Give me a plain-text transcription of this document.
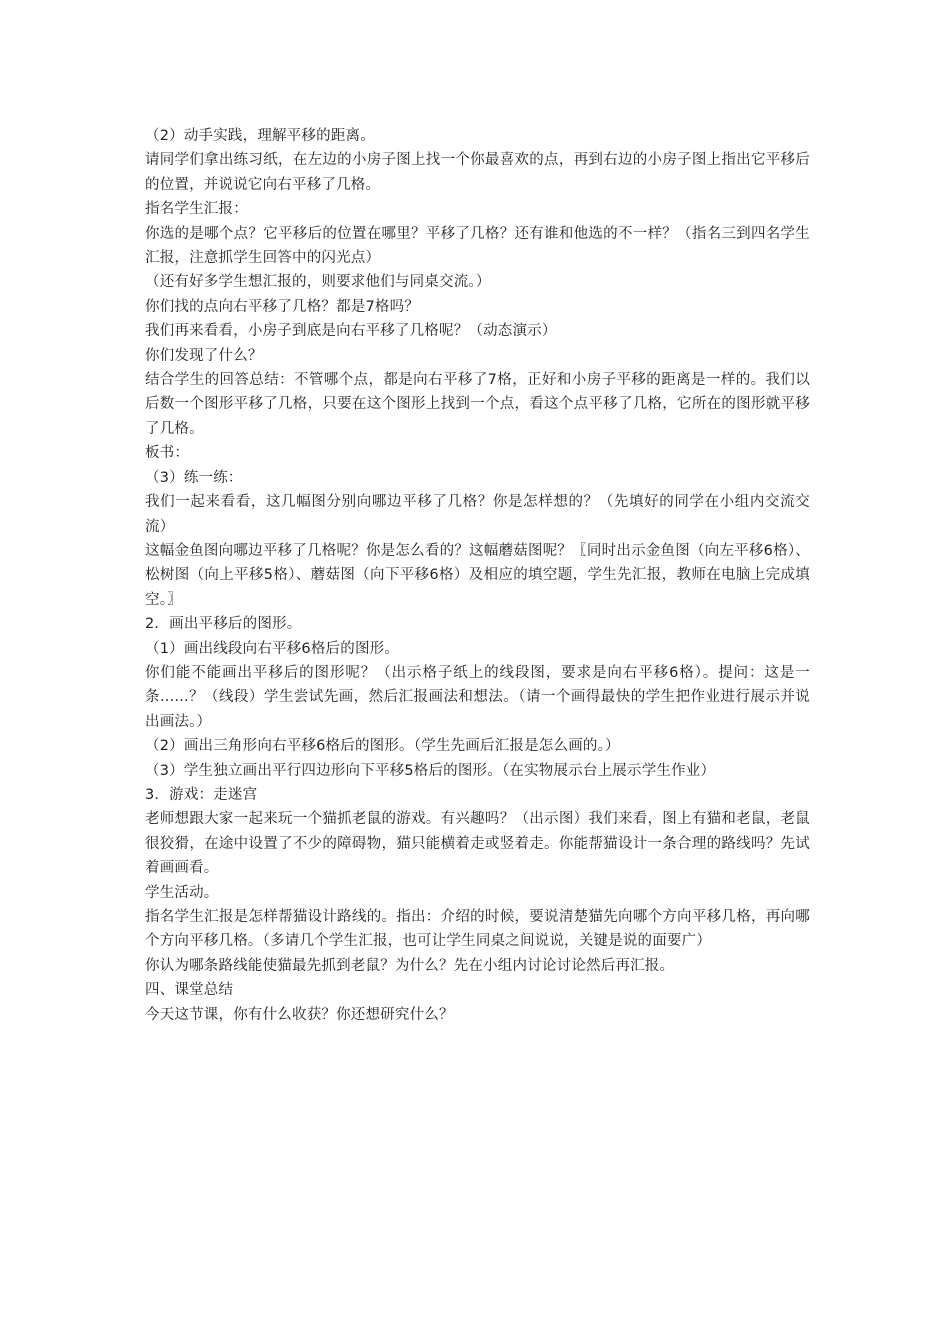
（2）动手实践，理解平移的距离。

请同学们拿出练习纸，在左边的小房子图上找一个你最喜欢的点，再到右边的小房子图上指出它平移后的位置，并说说它向右平移了几格。

指名学生汇报：

你选的是哪个点？它平移后的位置在哪里？平移了几格？还有谁和他选的不一样？（指名三到四名学生汇报，注意抓学生回答中的闪光点）

（还有好多学生想汇报的，则要求他们与同桌交流。）

你们找的点向右平移了几格？都是7格吗？

我们再来看看，小房子到底是向右平移了几格呢？（动态演示）

你们发现了什么？

结合学生的回答总结：不管哪个点，都是向右平移了7格，正好和小房子平移的距离是一样的。我们以后数一个图形平移了几格，只要在这个图形上找到一个点，看这个点平移了几格，它所在的图形就平移了几格。

板书：

（3）练一练：

我们一起来看看，这几幅图分别向哪边平移了几格？你是怎样想的？（先填好的同学在小组内交流交流）

这幅金鱼图向哪边平移了几格呢？你是怎么看的？这幅蘑菇图呢？〖同时出示金鱼图（向左平移6格）、松树图（向上平移5格）、蘑菇图（向下平移6格）及相应的填空题，学生先汇报，教师在电脑上完成填空。〗

2．画出平移后的图形。

（1）画出线段向右平移6格后的图形。

你们能不能画出平移后的图形呢？（出示格子纸上的线段图，要求是向右平移6格）。提问：这是一条......？（线段）学生尝试先画，然后汇报画法和想法。（请一个画得最快的学生把作业进行展示并说出画法。）

（2）画出三角形向右平移6格后的图形。（学生先画后汇报是怎么画的。）

（3）学生独立画出平行四边形向下平移5格后的图形。（在实物展示台上展示学生作业）

3．游戏：走迷宫

老师想跟大家一起来玩一个猫抓老鼠的游戏。有兴趣吗？（出示图）我们来看，图上有猫和老鼠，老鼠很狡猾，在途中设置了不少的障碍物，猫只能横着走或竖着走。你能帮猫设计一条合理的路线吗？先试着画画看。

学生活动。

指名学生汇报是怎样帮猫设计路线的。指出：介绍的时候，要说清楚猫先向哪个方向平移几格，再向哪个方向平移几格。（多请几个学生汇报，也可让学生同桌之间说说，关键是说的面要广）

你认为哪条路线能使猫最先抓到老鼠？为什么？先在小组内讨论讨论然后再汇报。

四、课堂总结

今天这节课，你有什么收获？你还想研究什么？
